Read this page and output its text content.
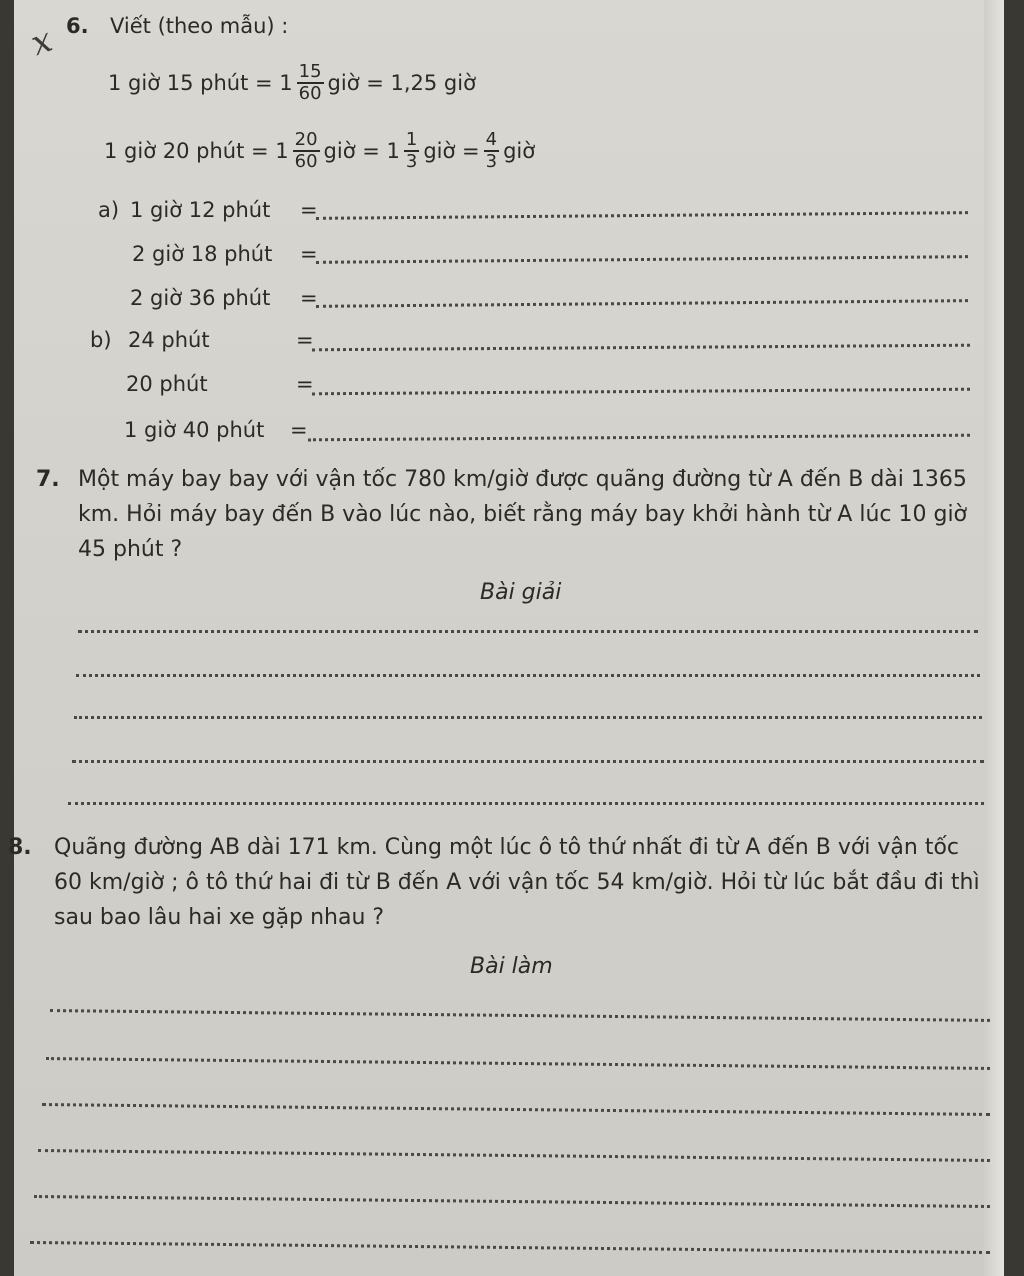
x 6. Viết (theo mẫu) :
1 giờ 15 phút = $1 \frac{15}{60}$ giờ = 1,25 giờ
1 giờ 20 phút = $1 \frac{20}{60}$ giờ = $1 \frac{1}{3}$ giờ = $\frac{4}{3}$ giờ
a) 1 giờ 12 phút =
2 giờ 18 phút =
2 giờ 36 phút =
b) 24 phút	=
20 phút	=
1 giờ 40 phút =
7. Một máy bay bay với vận tốc 780 km/giờ được quãng đường từ A đến B dài 1365 km. Hỏi máy bay đến B vào lúc nào, biết rằng máy bay khởi hành từ A lúc 10 giờ 45 phút ?
Bài giải
8. Quãng đường AB dài 171 km. Cùng một lúc ô tô thứ nhất đi từ A đến B với vận tốc 60 km/giờ ; ô tô thứ hai đi từ B đến A với vận tốc 54 km/giờ. Hỏi từ lúc bắt đầu đi thì sau bao lâu hai xe gặp nhau ?
Bài làm
